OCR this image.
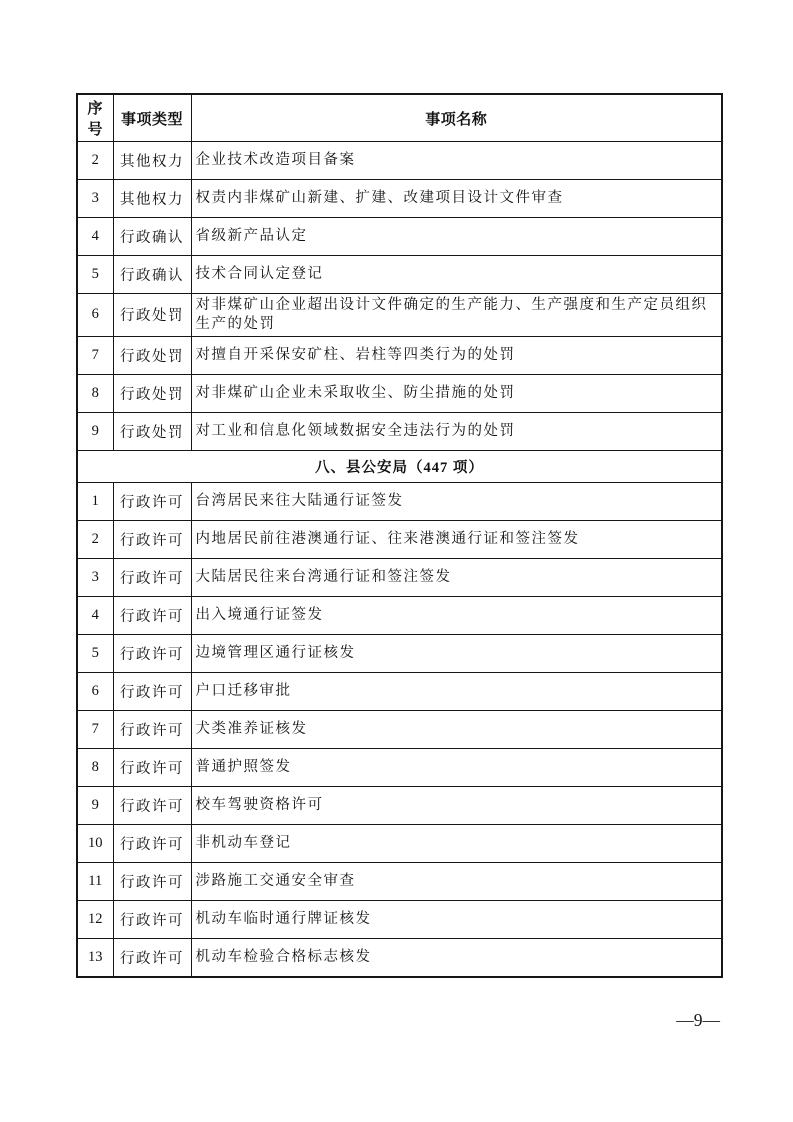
序号	事项类型	事项名称
2	其他权力	企业技术改造项目备案
3	其他权力	权责内非煤矿山新建、扩建、改建项目设计文件审查
4	行政确认	省级新产品认定
5	行政确认	技术合同认定登记
6	行政处罚	对非煤矿山企业超出设计文件确定的生产能力、生产强度和生产定员组织生产的处罚
7	行政处罚	对擅自开采保安矿柱、岩柱等四类行为的处罚
8	行政处罚	对非煤矿山企业未采取收尘、防尘措施的处罚
9	行政处罚	对工业和信息化领域数据安全违法行为的处罚
八、县公安局（447 项）		
1	行政许可	台湾居民来往大陆通行证签发
2	行政许可	内地居民前往港澳通行证、往来港澳通行证和签注签发
3	行政许可	大陆居民往来台湾通行证和签注签发
4	行政许可	出入境通行证签发
5	行政许可	边境管理区通行证核发
6	行政许可	户口迁移审批
7	行政许可	犬类准养证核发
8	行政许可	普通护照签发
9	行政许可	校车驾驶资格许可
10	行政许可	非机动车登记
11	行政许可	涉路施工交通安全审查
12	行政许可	机动车临时通行牌证核发
13	行政许可	机动车检验合格标志核发
—9—
